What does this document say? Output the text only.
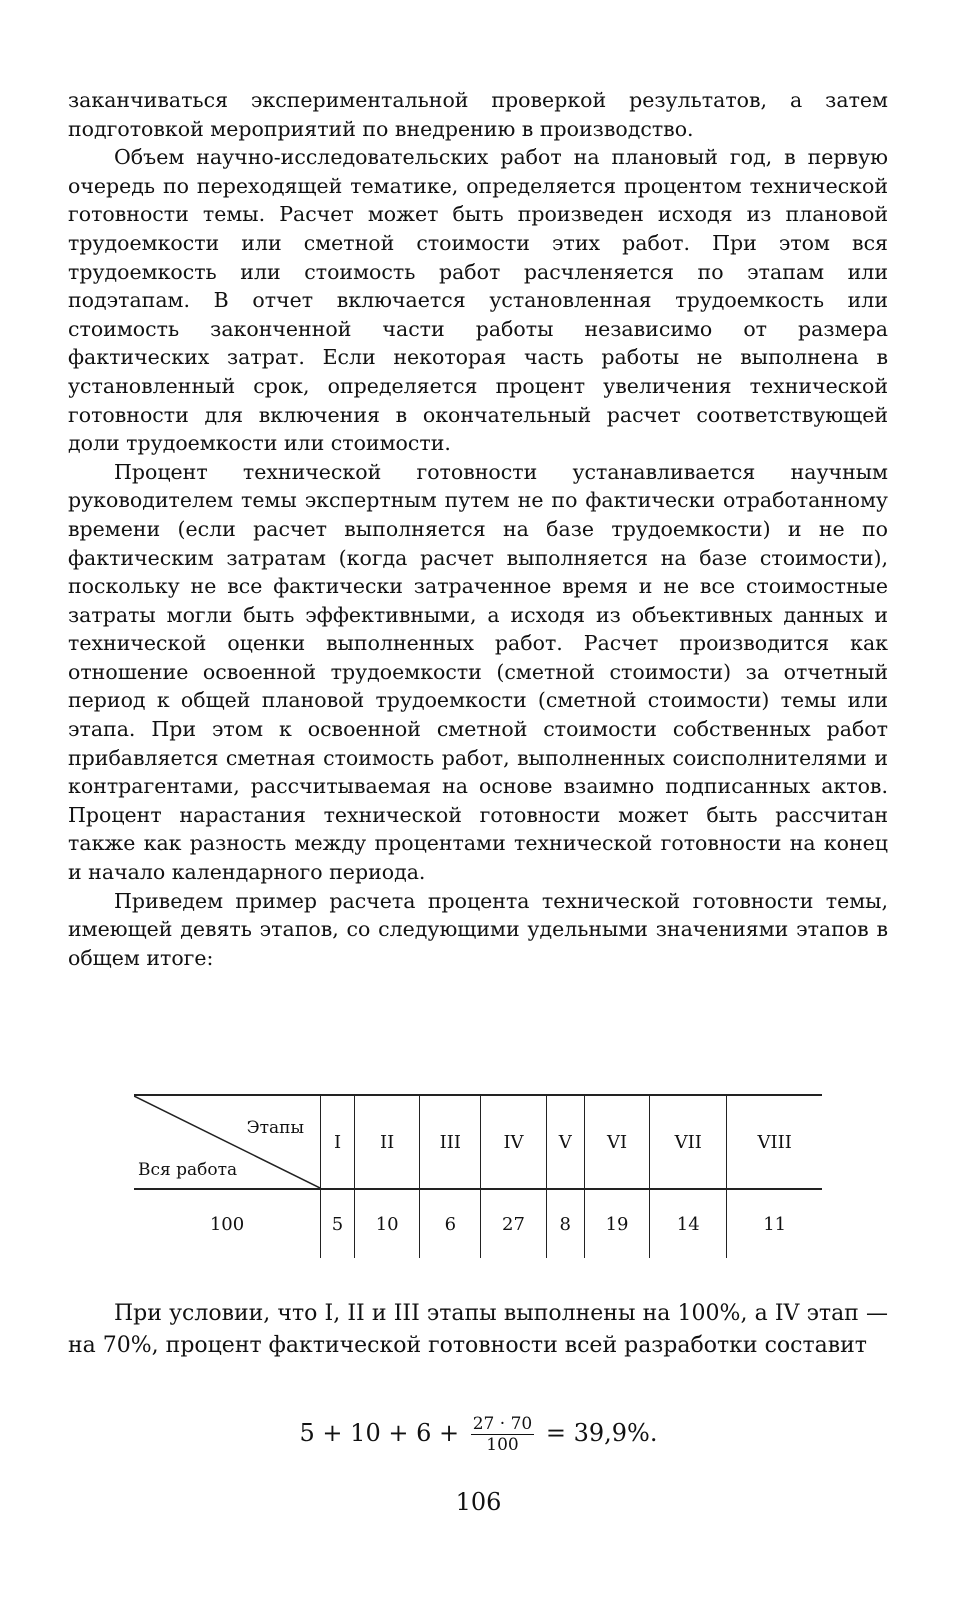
заканчиваться экспериментальной проверкой результатов, а затем подготовкой мероприятий по внедрению в производство.

Объем научно-исследовательских работ на плановый год, в первую очередь по переходящей тематике, определяется процентом технической готовности темы. Расчет может быть произведен исходя из плановой трудоемкости или сметной стоимости этих работ. При этом вся трудоемкость или стоимость работ расчленяется по этапам или подэтапам. В отчет включается установленная трудоемкость или стоимость законченной части работы независимо от размера фактических затрат. Если некоторая часть работы не выполнена в установленный срок, определяется процент увеличения технической готовности для включения в окончательный расчет соответствующей доли трудоемкости или стоимости.

Процент технической готовности устанавливается научным руководителем темы экспертным путем не по фактически отработанному времени (если расчет выполняется на базе трудоемкости) и не по фактическим затратам (когда расчет выполняется на базе стоимости), поскольку не все фактически затраченное время и не все стоимостные затраты могли быть эффективными, а исходя из объективных данных и технической оценки выполненных работ. Расчет производится как отношение освоенной трудоемкости (сметной стоимости) за отчетный период к общей плановой трудоемкости (сметной стоимости) темы или этапа. При этом к освоенной сметной стоимости собственных работ прибавляется сметная стоимость работ, выполненных соисполнителями и контрагентами, рассчитываемая на основе взаимно подписанных актов. Процент нарастания технической готовности может быть рассчитан также как разность между процентами технической готовности на конец и начало календарного периода.

Приведем пример расчета процента технической готовности темы, имеющей девять этапов, со следующими удельными значениями этапов в общем итоге:

Этапы
Вся работа	I	II	III	IV	V	VI	VII	VIII
100	5	10	6	27	8	19	14	11

При условии, что I, II и III этапы выполнены на 100%, а IV этап — на 70%, процент фактической готовности всей разработки составит

$5 + 10 + 6 + \frac{27 \cdot 70}{100} = 39,9\%$.
106
